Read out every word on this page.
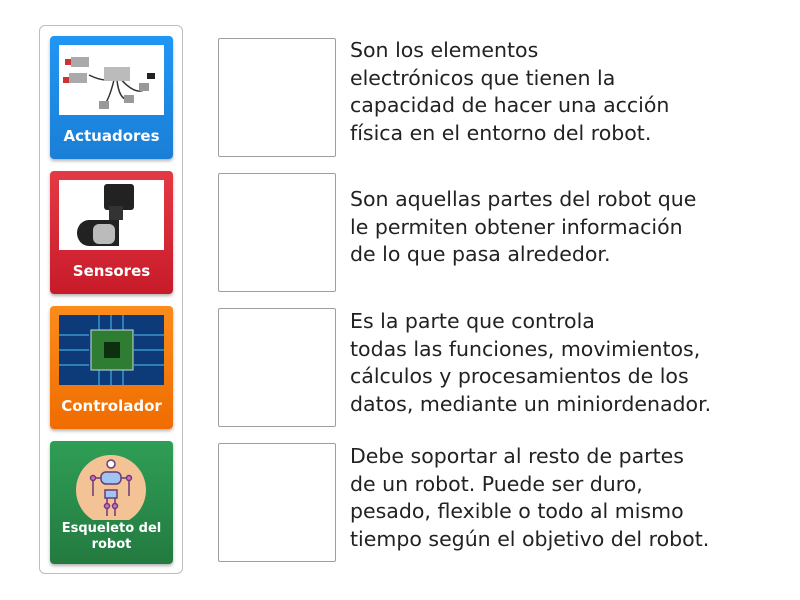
Actuadores
Sensores
Controlador
Esqueleto del robot
Son los elementos
electrónicos que tienen la
capacidad de hacer una acción
física en el entorno del robot.
Son aquellas partes del robot que
le permiten obtener información
de lo que pasa alrededor.
Es la parte que controla
todas las funciones, movimientos,
cálculos y procesamientos de los
datos, mediante un miniordenador.
Debe soportar al resto de partes
de un robot. Puede ser duro,
pesado, flexible o todo al mismo
tiempo según el objetivo del robot.
